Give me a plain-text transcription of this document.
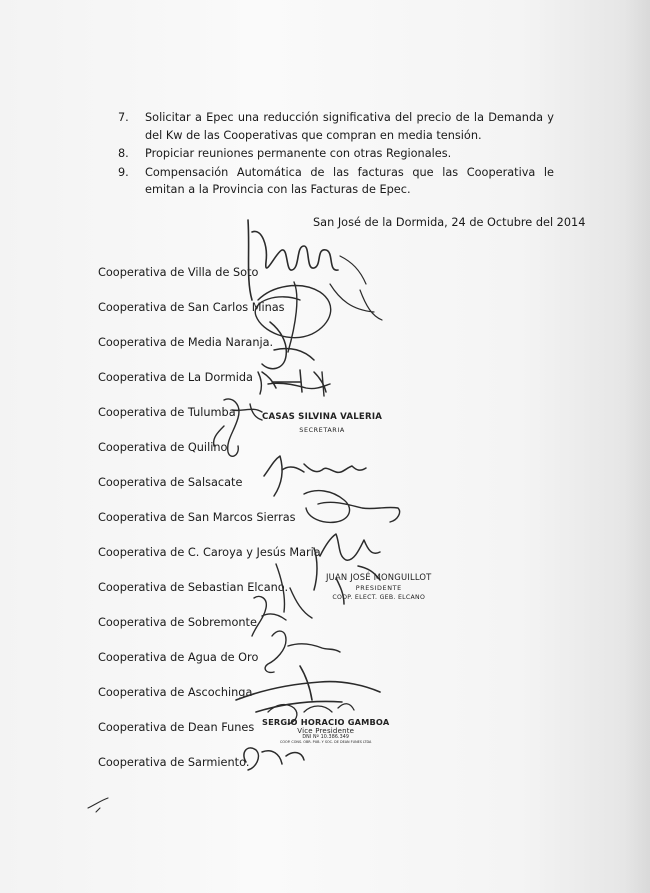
7. Solicitar a Epec una reducción significativa del precio de la Demanda y del Kw de las Cooperativas que compran en media tensión.
8. Propiciar reuniones permanente con otras Regionales.
9. Compensación Automática de las facturas que las Cooperativa le emitan a la Provincia con las Facturas de Epec.
San José de la Dormida, 24 de Octubre del 2014
Cooperativa de Villa de Soto
Cooperativa de San Carlos Minas
Cooperativa de Media Naranja.
Cooperativa de La Dormida
Cooperativa de Tulumba
Cooperativa de Quilino
Cooperativa de Salsacate
Cooperativa de San Marcos Sierras
Cooperativa de C. Caroya y Jesús Maria
Cooperativa de Sebastian Elcano.
Cooperativa de Sobremonte
Cooperativa de Agua de Oro
Cooperativa de Ascochinga
Cooperativa de Dean Funes
Cooperativa de Sarmiento.
CASAS SILVINA VALERIA
SECRETARIA
JUAN JOSÉ MONGUILLOT
PRESIDENTE
COOP. ELECT. GEB. ELCANO
SERGIO HORACIO GAMBOA
Vice Presidente
DNI Nº 10.386.349
COOP. CONS. OBR. PUB. Y SOC. DE DEAN FUNES LTDA
